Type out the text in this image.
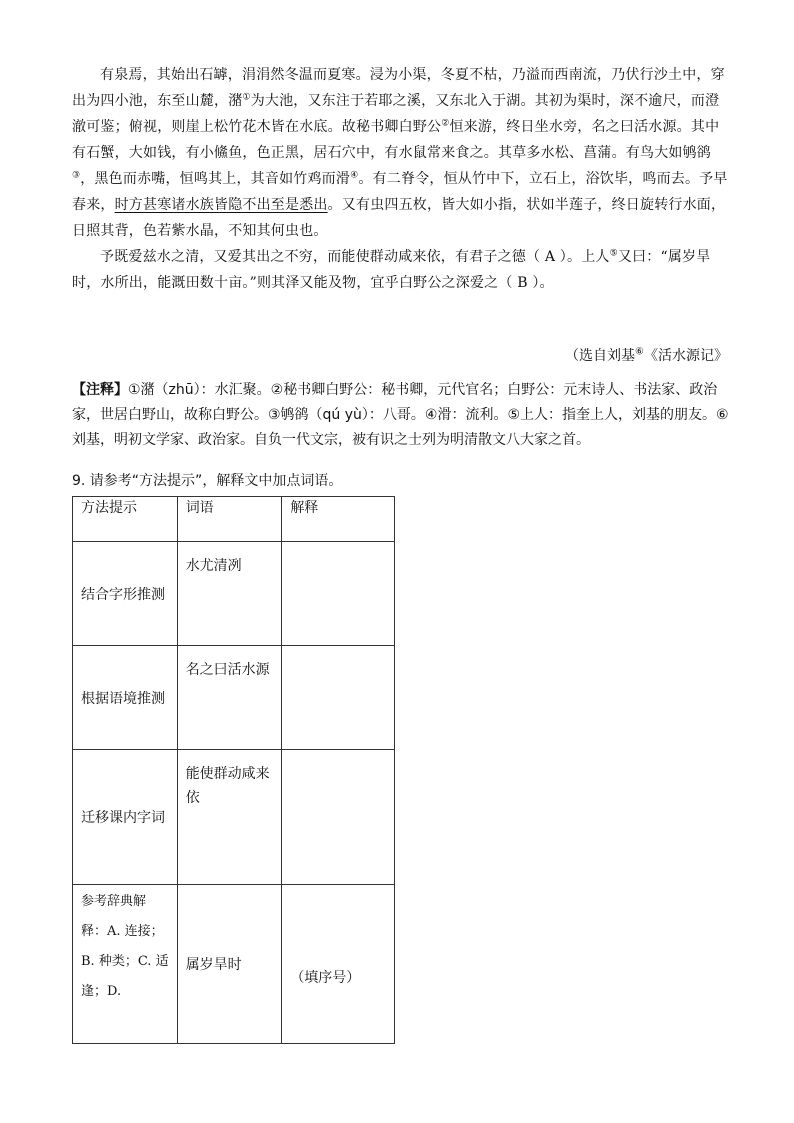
有泉焉，其始出石罅，涓涓然冬温而夏寒。浸为小渠，冬夏不枯，乃溢而西南流，乃伏行沙土中，穿出为四小池，东至山麓，潴①为大池，又东注于若耶之溪，又东北入于湖。其初为渠时，深不逾尺，而澄澈可鉴；俯视，则崖上松竹花木皆在水底。故秘书卿白野公②恒来游，终日坐水旁，名之曰活水源。其中有石蟹，大如钱，有小鯈鱼，色正黑，居石穴中，有水鼠常来食之。其草多水松、菖蒲。有鸟大如鸲鹆③，黑色而赤嘴，恒鸣其上，其音如竹鸡而滑④。有二脊令，恒从竹中下，立石上，浴饮毕，鸣而去。予早春来，时方甚寒诸水族皆隐不出至是悉出。又有虫四五枚，皆大如小指，状如半莲子，终日旋转行水面，日照其背，色若紫水晶，不知其何虫也。

予既爱兹水之清，又爱其出之不穷，而能使群动咸来依，有君子之德（ A ）。上人⑤又曰：“属岁旱时，水所出，能溉田数十亩。”则其泽又能及物，宜乎白野公之深爱之（ B ）。

（选自刘基⑥《活水源记》
【注释】①潴（zhū）：水汇聚。②秘书卿白野公：秘书卿，元代官名；白野公：元末诗人、书法家、政治家，世居白野山，故称白野公。③鸲鹆（qú yù）：八哥。④滑：流利。⑤上人：指奎上人，刘基的朋友。⑥刘基，明初文学家、政治家。自负一代文宗，被有识之士列为明清散文八大家之首。
9. 请参考“方法提示”，解释文中加点词语。
方法提示	词语	解释
结合字形推测	水尤清冽	

根据语境推测	名之曰活水源	

迁移课内字词	能使群动咸来依	

参考辞典解释：A. 连接；B. 种类；C. 适逢；D.	属岁旱时	（填序号）
